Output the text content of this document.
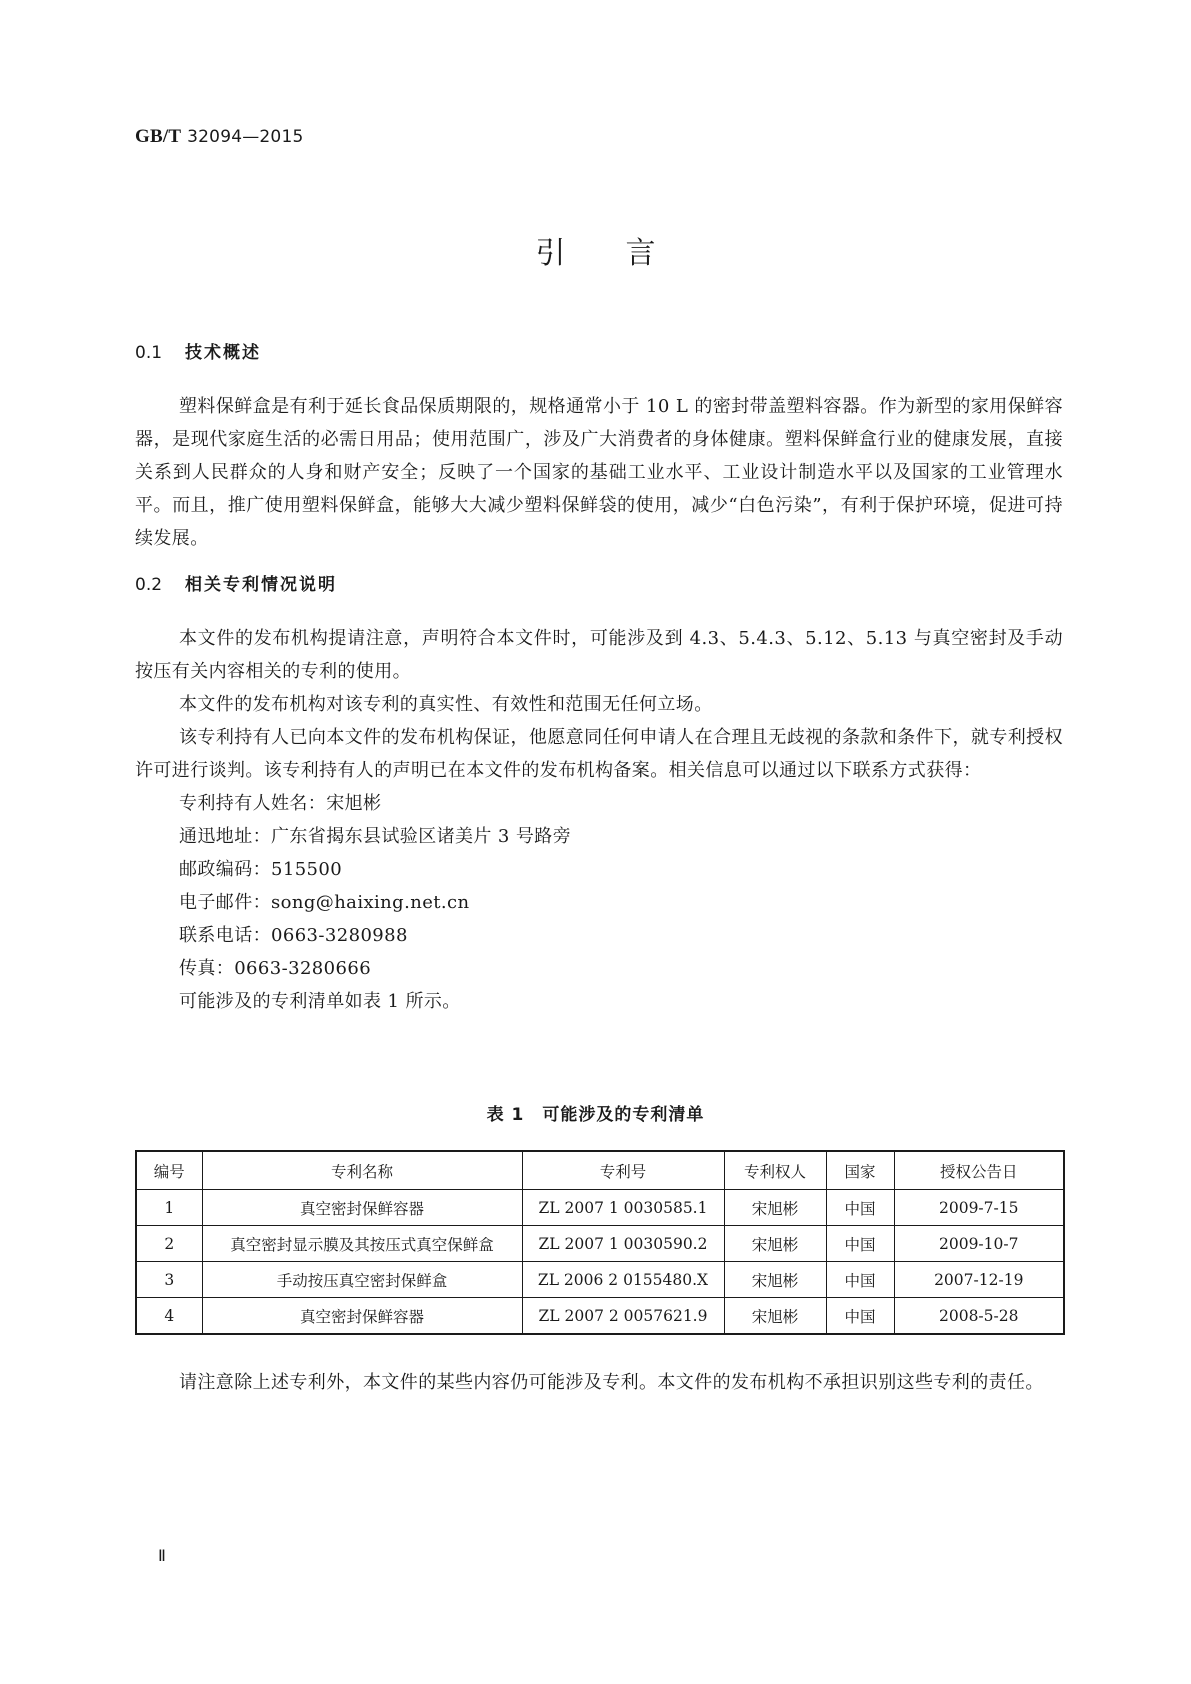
GB/T 32094—2015
引言
0.1 技术概述

塑料保鲜盒是有利于延长食品保质期限的，规格通常小于 10 L 的密封带盖塑料容器。作为新型的家用保鲜容器，是现代家庭生活的必需日用品；使用范围广，涉及广大消费者的身体健康。塑料保鲜盒行业的健康发展，直接关系到人民群众的人身和财产安全；反映了一个国家的基础工业水平、工业设计制造水平以及国家的工业管理水平。而且，推广使用塑料保鲜盒，能够大大减少塑料保鲜袋的使用，减少“白色污染”，有利于保护环境，促进可持续发展。

0.2 相关专利情况说明

本文件的发布机构提请注意，声明符合本文件时，可能涉及到 4.3、5.4.3、5.12、5.13 与真空密封及手动按压有关内容相关的专利的使用。

本文件的发布机构对该专利的真实性、有效性和范围无任何立场。

该专利持有人已向本文件的发布机构保证，他愿意同任何申请人在合理且无歧视的条款和条件下，就专利授权许可进行谈判。该专利持有人的声明已在本文件的发布机构备案。相关信息可以通过以下联系方式获得：

专利持有人姓名：宋旭彬

通迅地址：广东省揭东县试验区诸美片 3 号路旁

邮政编码：515500

电子邮件：song@haixing.net.cn

联系电话：0663-3280988

传真：0663-3280666

可能涉及的专利清单如表 1 所示。

表 1　可能涉及的专利清单
编号	专利名称	专利号	专利权人	国家	授权公告日
1	真空密封保鲜容器	ZL 2007 1 0030585.1	宋旭彬	中国	2009-7-15
2	真空密封显示膜及其按压式真空保鲜盒	ZL 2007 1 0030590.2	宋旭彬	中国	2009-10-7
3	手动按压真空密封保鲜盒	ZL 2006 2 0155480.X	宋旭彬	中国	2007-12-19
4	真空密封保鲜容器	ZL 2007 2 0057621.9	宋旭彬	中国	2008-5-28

请注意除上述专利外，本文件的某些内容仍可能涉及专利。本文件的发布机构不承担识别这些专利的责任。

Ⅱ
